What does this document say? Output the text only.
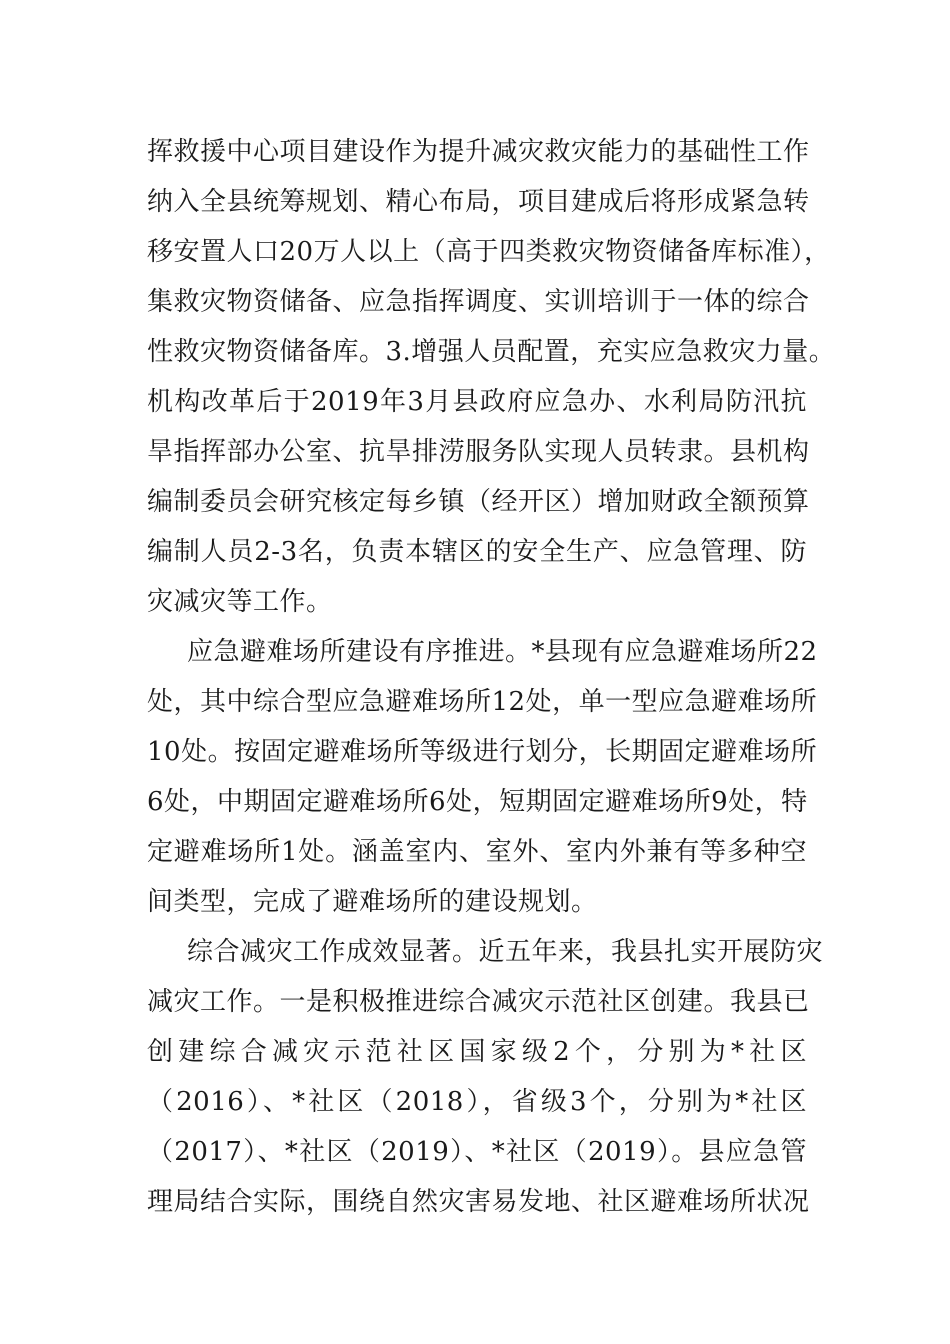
挥救援中心项目建设作为提升减灾救灾能力的基础性工作
纳入全县统筹规划、精心布局，项目建成后将形成紧急转
移安置人口20万人以上（高于四类救灾物资储备库标准），
集救灾物资储备、应急指挥调度、实训培训于一体的综合
性救灾物资储备库。3.增强人员配置，充实应急救灾力量。
机构改革后于2019年3月县政府应急办、水利局防汛抗
旱指挥部办公室、抗旱排涝服务队实现人员转隶。县机构
编制委员会研究核定每乡镇（经开区）增加财政全额预算
编制人员2-3名，负责本辖区的安全生产、应急管理、防
灾减灾等工作。
应急避难场所建设有序推进。*县现有应急避难场所22
处，其中综合型应急避难场所12处，单一型应急避难场所
10处。按固定避难场所等级进行划分，长期固定避难场所
6处，中期固定避难场所6处，短期固定避难场所9处，特
定避难场所1处。涵盖室内、室外、室内外兼有等多种空
间类型，完成了避难场所的建设规划。
综合减灾工作成效显著。近五年来，我县扎实开展防灾
减灾工作。一是积极推进综合减灾示范社区创建。我县已
创建综合减灾示范社区国家级2个，分别为*社区
（2016）、*社区（2018），省级3个，分别为*社区
（2017）、*社区（2019）、*社区（2019）。县应急管
理局结合实际，围绕自然灾害易发地、社区避难场所状况
